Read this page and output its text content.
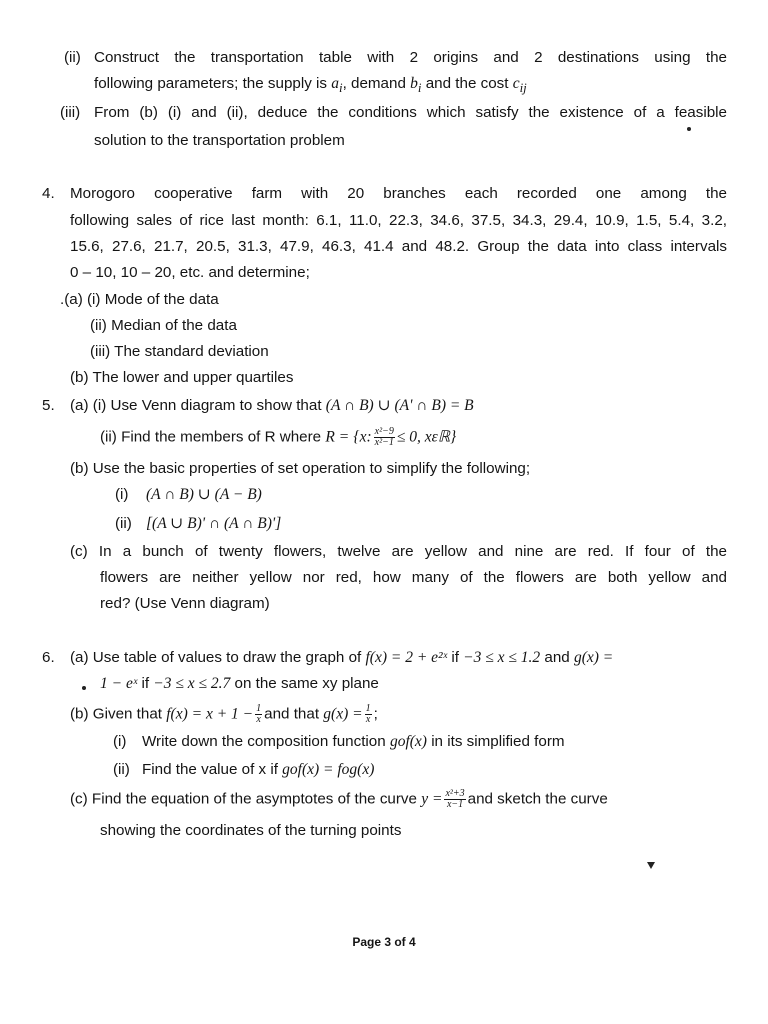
(ii) Construct the transportation table with 2 origins and 2 destinations using the
following parameters; the supply is $a_i$, demand $b_i$ and the cost $c_{ij}$
(iii) From (b) (i) and (ii), deduce the conditions which satisfy the existence of a feasible
solution to the transportation problem
4. Morogoro cooperative farm with 20 branches each recorded one among the
following sales of rice last month: 6.1, 11.0, 22.3, 34.6, 37.5, 34.3, 29.4, 10.9, 1.5, 5.4, 3.2,
15.6, 27.6, 21.7, 20.5, 31.3, 47.9, 46.3, 41.4 and 48.2. Group the data into class intervals
0 – 10, 10 – 20, etc. and determine;
.(a) (i) Mode of the data
(ii) Median of the data
(iii) The standard deviation
(b) The lower and upper quartiles
5. (a) (i) Use Venn diagram to show that (A ∩ B) ∪ (A' ∩ B) = B
(ii) Find the members of R where R = {x: $\frac{\text{x²−9}}{\text{x²−1}} \le 0$, xεℝ}
(b) Use the basic properties of set operation to simplify the following;
(i) (A ∩ B) ∪ (A − B)
(ii) [(A ∪ B)' ∩ (A ∩ B)']
(c) In a bunch of twenty flowers, twelve are yellow and nine are red. If four of the
flowers are neither yellow nor red, how many of the flowers are both yellow and
red? (Use Venn diagram)
6. (a) Use table of values to draw the graph of f(x) = 2 + e²ˣ if −3 ≤ x ≤ 1.2 and g(x) =
1 − eˣ if −3 ≤ x ≤ 2.7 on the same xy plane
(b) Given that $f(x) = x + 1 - \frac{1}{x}$ and that $g(x) = \frac{1}{x}$ ;
(i) Write down the composition function gof(x) in its simplified form
(ii) Find the value of x if gof(x) = fog(x)
(c) Find the equation of the asymptotes of the curve $y = \frac{\text{x²+3}}{x-1}$ and sketch the curve
showing the coordinates of the turning points
Page 3 of 4
